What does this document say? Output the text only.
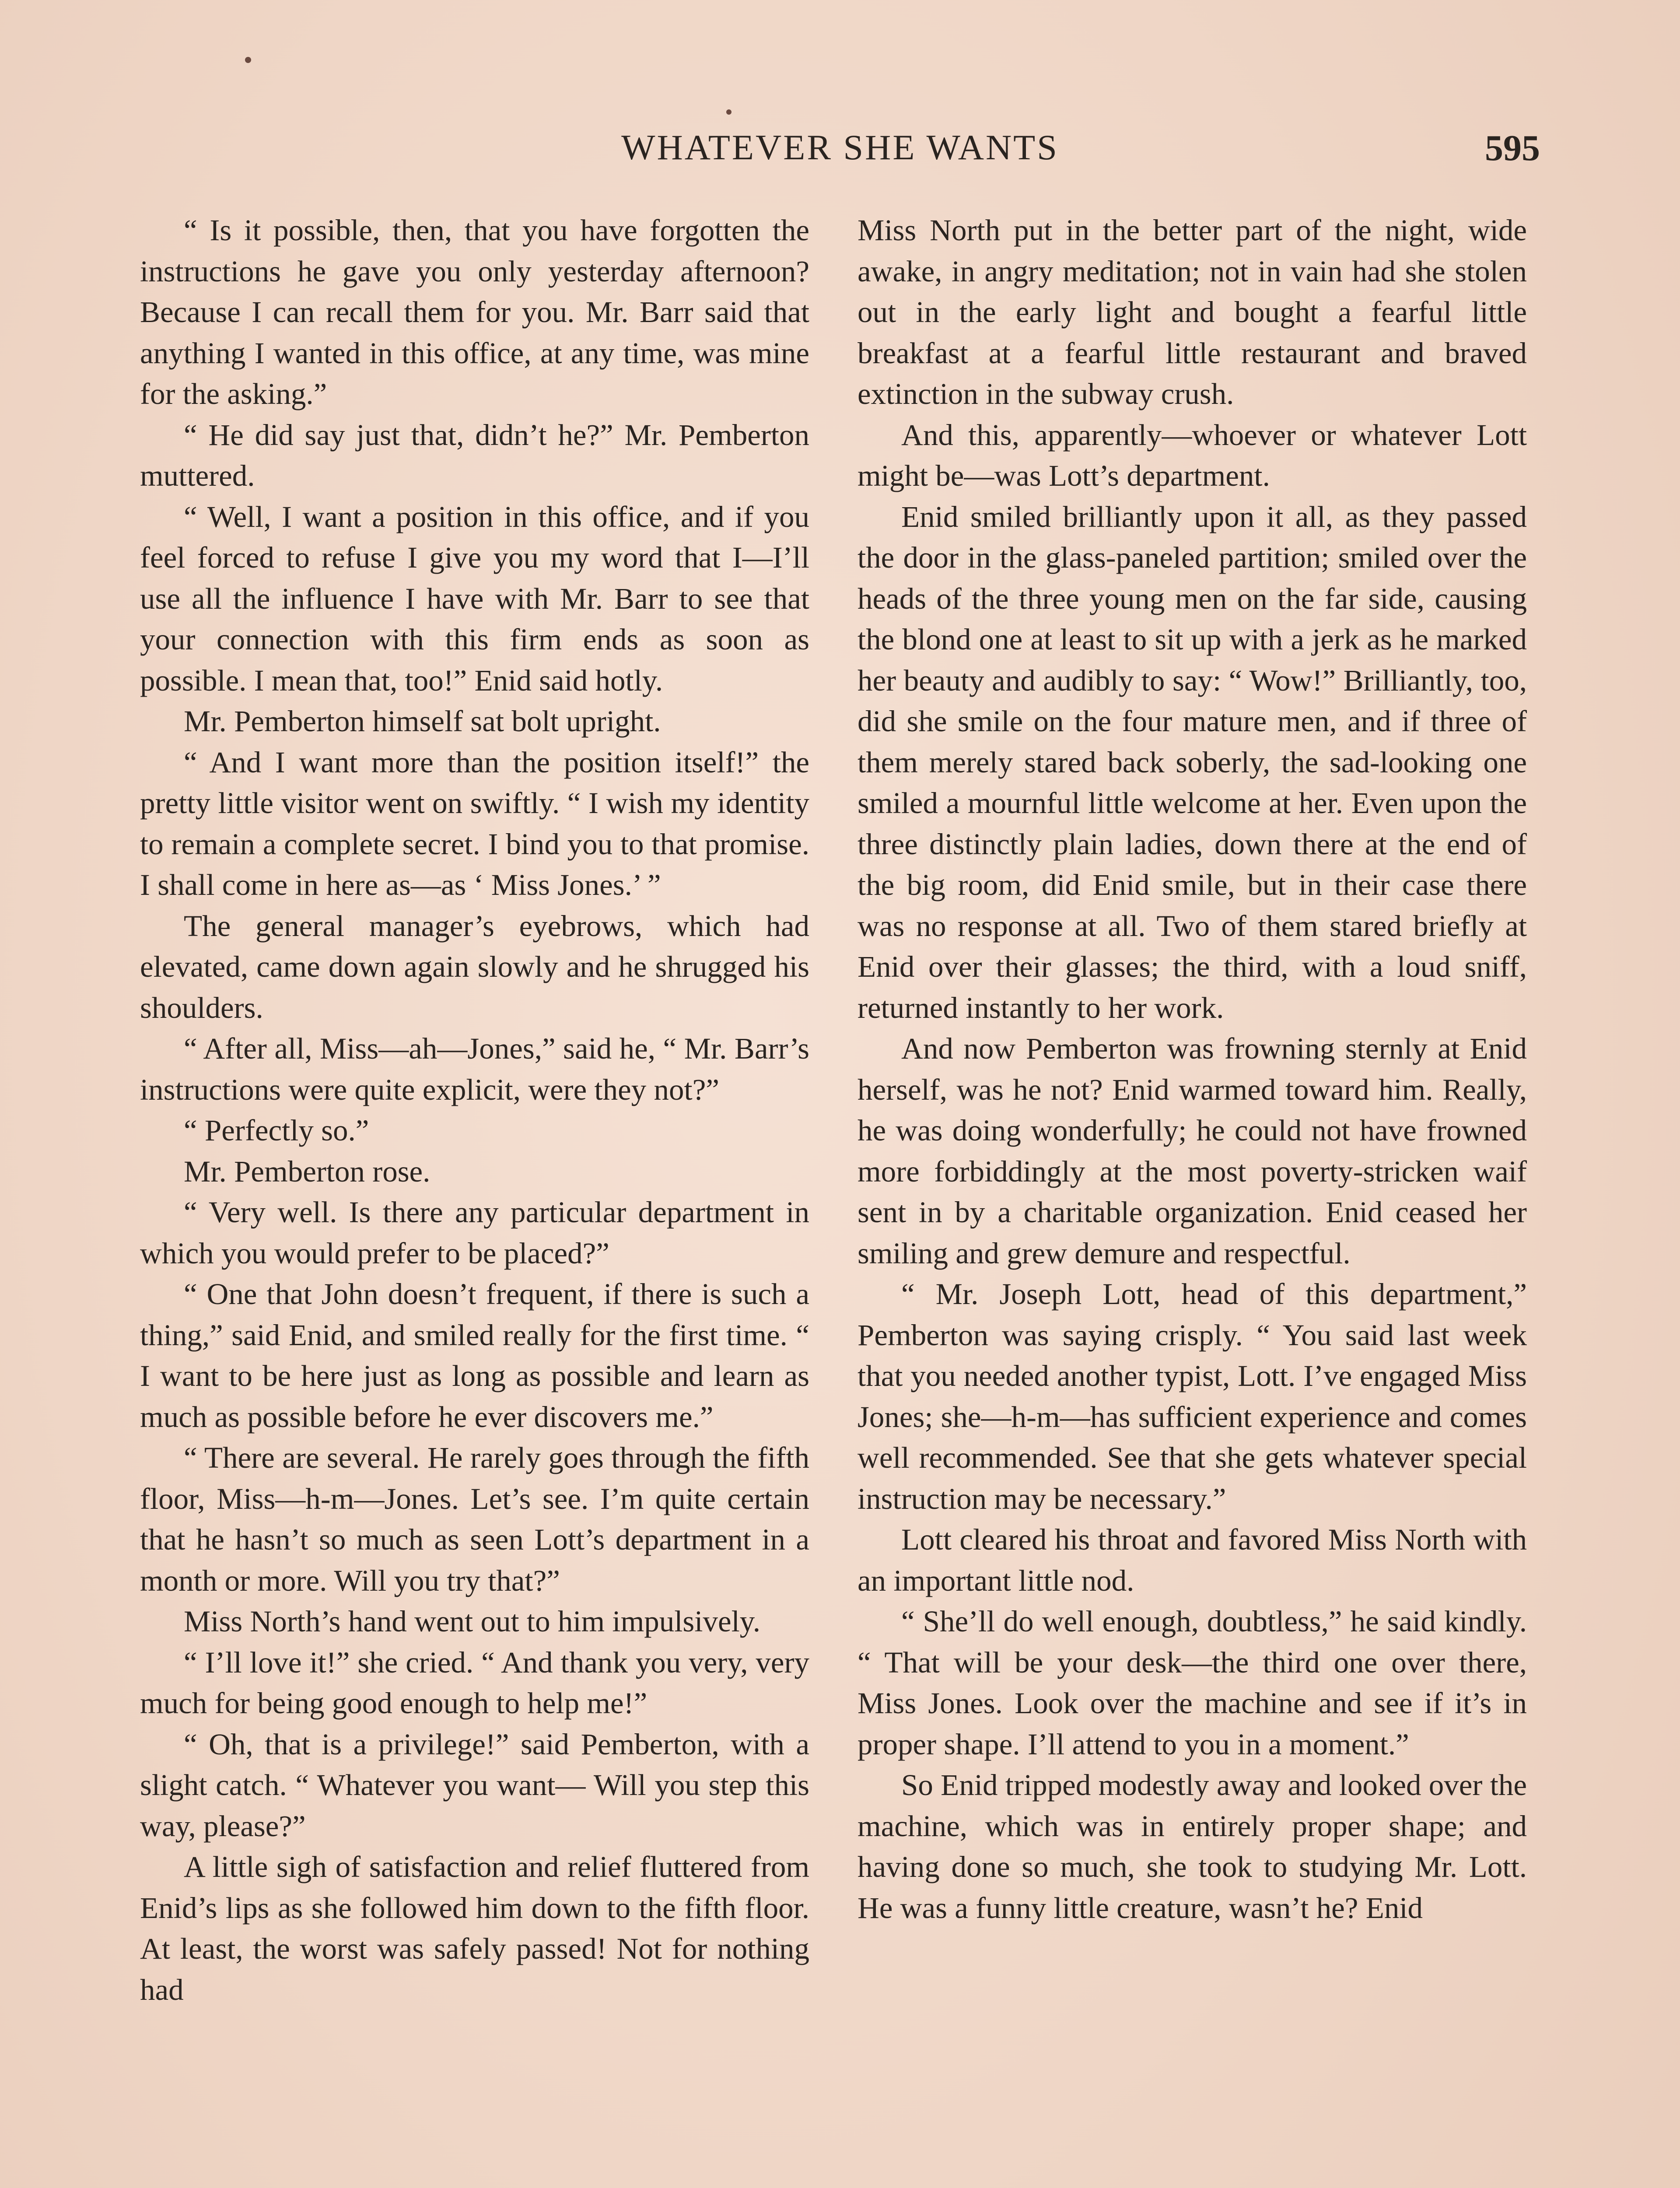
WHATEVER SHE WANTS	595

“ Is it possible, then, that you have forgotten the instructions he gave you only yesterday afternoon? Because I can recall them for you. Mr. Barr said that anything I wanted in this office, at any time, was mine for the asking.”

“ He did say just that, didn’t he?” Mr. Pemberton muttered.

“ Well, I want a position in this office, and if you feel forced to refuse I give you my word that I—I’ll use all the influence I have with Mr. Barr to see that your connection with this firm ends as soon as possible. I mean that, too!” Enid said hotly.

Mr. Pemberton himself sat bolt upright.

“ And I want more than the position itself!” the pretty little visitor went on swiftly. “ I wish my identity to remain a complete secret. I bind you to that promise. I shall come in here as—as ‘ Miss Jones.’ ”

The general manager’s eyebrows, which had elevated, came down again slowly and he shrugged his shoulders.

“ After all, Miss—ah—Jones,” said he, “ Mr. Barr’s instructions were quite explicit, were they not?”

“ Perfectly so.”

Mr. Pemberton rose.

“ Very well. Is there any particular department in which you would prefer to be placed?”

“ One that John doesn’t frequent, if there is such a thing,” said Enid, and smiled really for the first time. “ I want to be here just as long as possible and learn as much as possible before he ever discovers me.”

“ There are several. He rarely goes through the fifth floor, Miss—h-m—Jones. Let’s see. I’m quite certain that he hasn’t so much as seen Lott’s department in a month or more. Will you try that?”

Miss North’s hand went out to him impulsively.

“ I’ll love it!” she cried. “ And thank you very, very much for being good enough to help me!”

“ Oh, that is a privilege!” said Pemberton, with a slight catch. “ Whatever you want— Will you step this way, please?”

A little sigh of satisfaction and relief fluttered from Enid’s lips as she followed him down to the fifth floor. At least, the worst was safely passed! Not for nothing had

Miss North put in the better part of the night, wide awake, in angry meditation; not in vain had she stolen out in the early light and bought a fearful little breakfast at a fearful little restaurant and braved extinction in the subway crush.

And this, apparently—whoever or whatever Lott might be—was Lott’s department.

Enid smiled brilliantly upon it all, as they passed the door in the glass-paneled partition; smiled over the heads of the three young men on the far side, causing the blond one at least to sit up with a jerk as he marked her beauty and audibly to say: “ Wow!” Brilliantly, too, did she smile on the four mature men, and if three of them merely stared back soberly, the sad-looking one smiled a mournful little welcome at her. Even upon the three distinctly plain ladies, down there at the end of the big room, did Enid smile, but in their case there was no response at all. Two of them stared briefly at Enid over their glasses; the third, with a loud sniff, returned instantly to her work.

And now Pemberton was frowning sternly at Enid herself, was he not? Enid warmed toward him. Really, he was doing wonderfully; he could not have frowned more forbiddingly at the most poverty-stricken waif sent in by a charitable organization. Enid ceased her smiling and grew demure and respectful.

“ Mr. Joseph Lott, head of this department,” Pemberton was saying crisply. “ You said last week that you needed another typist, Lott. I’ve engaged Miss Jones; she—h-m—has sufficient experience and comes well recommended. See that she gets whatever special instruction may be necessary.”

Lott cleared his throat and favored Miss North with an important little nod.

“ She’ll do well enough, doubtless,” he said kindly. “ That will be your desk—the third one over there, Miss Jones. Look over the machine and see if it’s in proper shape. I’ll attend to you in a moment.”

So Enid tripped modestly away and looked over the machine, which was in entirely proper shape; and having done so much, she took to studying Mr. Lott. He was a funny little creature, wasn’t he? Enid
